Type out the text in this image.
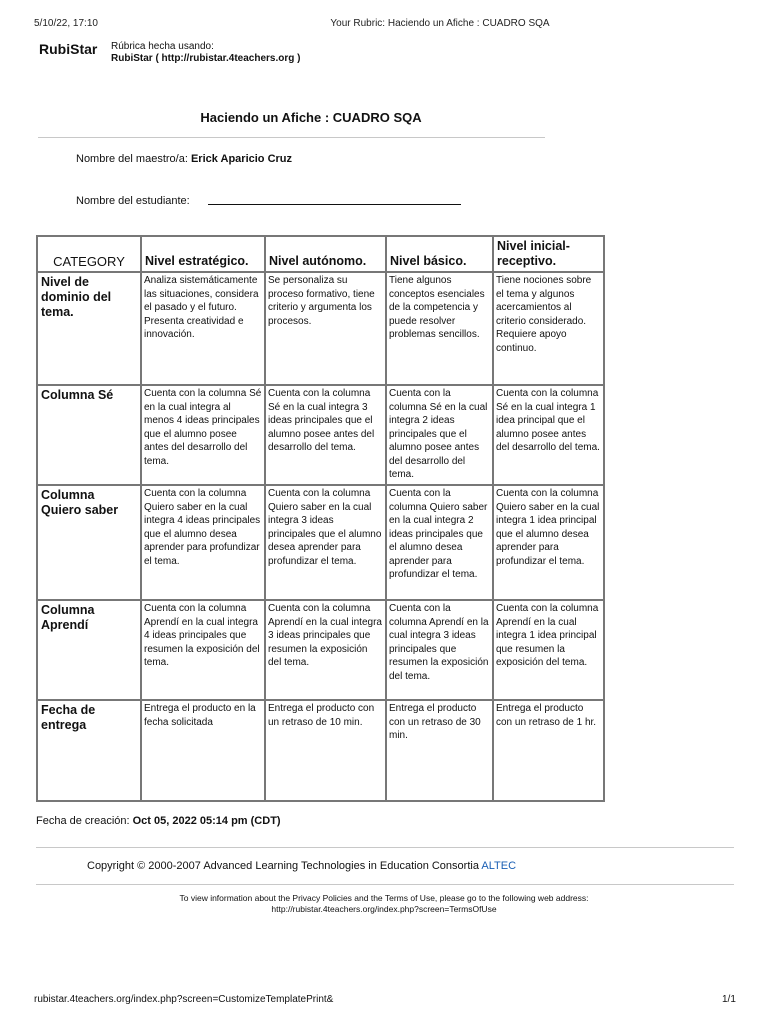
5/10/22, 17:10	Your Rubric: Haciendo un Afiche : CUADRO SQA
RubiStar Rúbrica hecha usando:
RubiStar ( http://rubistar.4teachers.org )
Haciendo un Afiche : CUADRO SQA
Nombre del maestro/a: Erick Aparicio Cruz
Nombre del estudiante:
CATEGORY	Nivel estratégico.	Nivel autónomo.	Nivel básico.	Nivel inicial-receptivo.
Nivel de dominio del tema.	Analiza sistemáticamente las situaciones, considera el pasado y el futuro. Presenta creatividad e innovación.	Se personaliza su proceso formativo, tiene criterio y argumenta los procesos.	Tiene algunos conceptos esenciales de la competencia y puede resolver problemas sencillos.	Tiene nociones sobre el tema y algunos acercamientos al criterio considerado. Requiere apoyo continuo.
Columna Sé	Cuenta con la columna Sé en la cual integra al menos 4 ideas principales que el alumno posee antes del desarrollo del tema.	Cuenta con la columna Sé en la cual integra 3 ideas principales que el alumno posee antes del desarrollo del tema.	Cuenta con la columna Sé en la cual integra 2 ideas principales que el alumno posee antes del desarrollo del tema.	Cuenta con la columna Sé en la cual integra 1 idea principal que el alumno posee antes del desarrollo del tema.
Columna Quiero saber	Cuenta con la columna Quiero saber en la cual integra 4 ideas principales que el alumno desea aprender para profundizar el tema.	Cuenta con la columna Quiero saber en la cual integra 3 ideas principales que el alumno desea aprender para profundizar el tema.	Cuenta con la columna Quiero saber en la cual integra 2 ideas principales que el alumno desea aprender para profundizar el tema.	Cuenta con la columna Quiero saber en la cual integra 1 idea principal que el alumno desea aprender para profundizar el tema.
Columna Aprendí	Cuenta con la columna Aprendí en la cual integra 4 ideas principales que resumen la exposición del tema.	Cuenta con la columna Aprendí en la cual integra 3 ideas principales que resumen la exposición del tema.	Cuenta con la columna Aprendí en la cual integra 3 ideas principales que resumen la exposición del tema.	Cuenta con la columna Aprendí en la cual integra 1 idea principal que resumen la exposición del tema.
Fecha de entrega	Entrega el producto en la fecha solicitada	Entrega el producto con un retraso de 10 min.	Entrega el producto con un retraso de 30 min.	Entrega el producto con un retraso de 1 hr.
Fecha de creación: Oct 05, 2022 05:14 pm (CDT)
Copyright © 2000-2007 Advanced Learning Technologies in Education Consortia ALTEC
To view information about the Privacy Policies and the Terms of Use, please go to the following web address:
http://rubistar.4teachers.org/index.php?screen=TermsOfUse
rubistar.4teachers.org/index.php?screen=CustomizeTemplatePrint&	1/1
